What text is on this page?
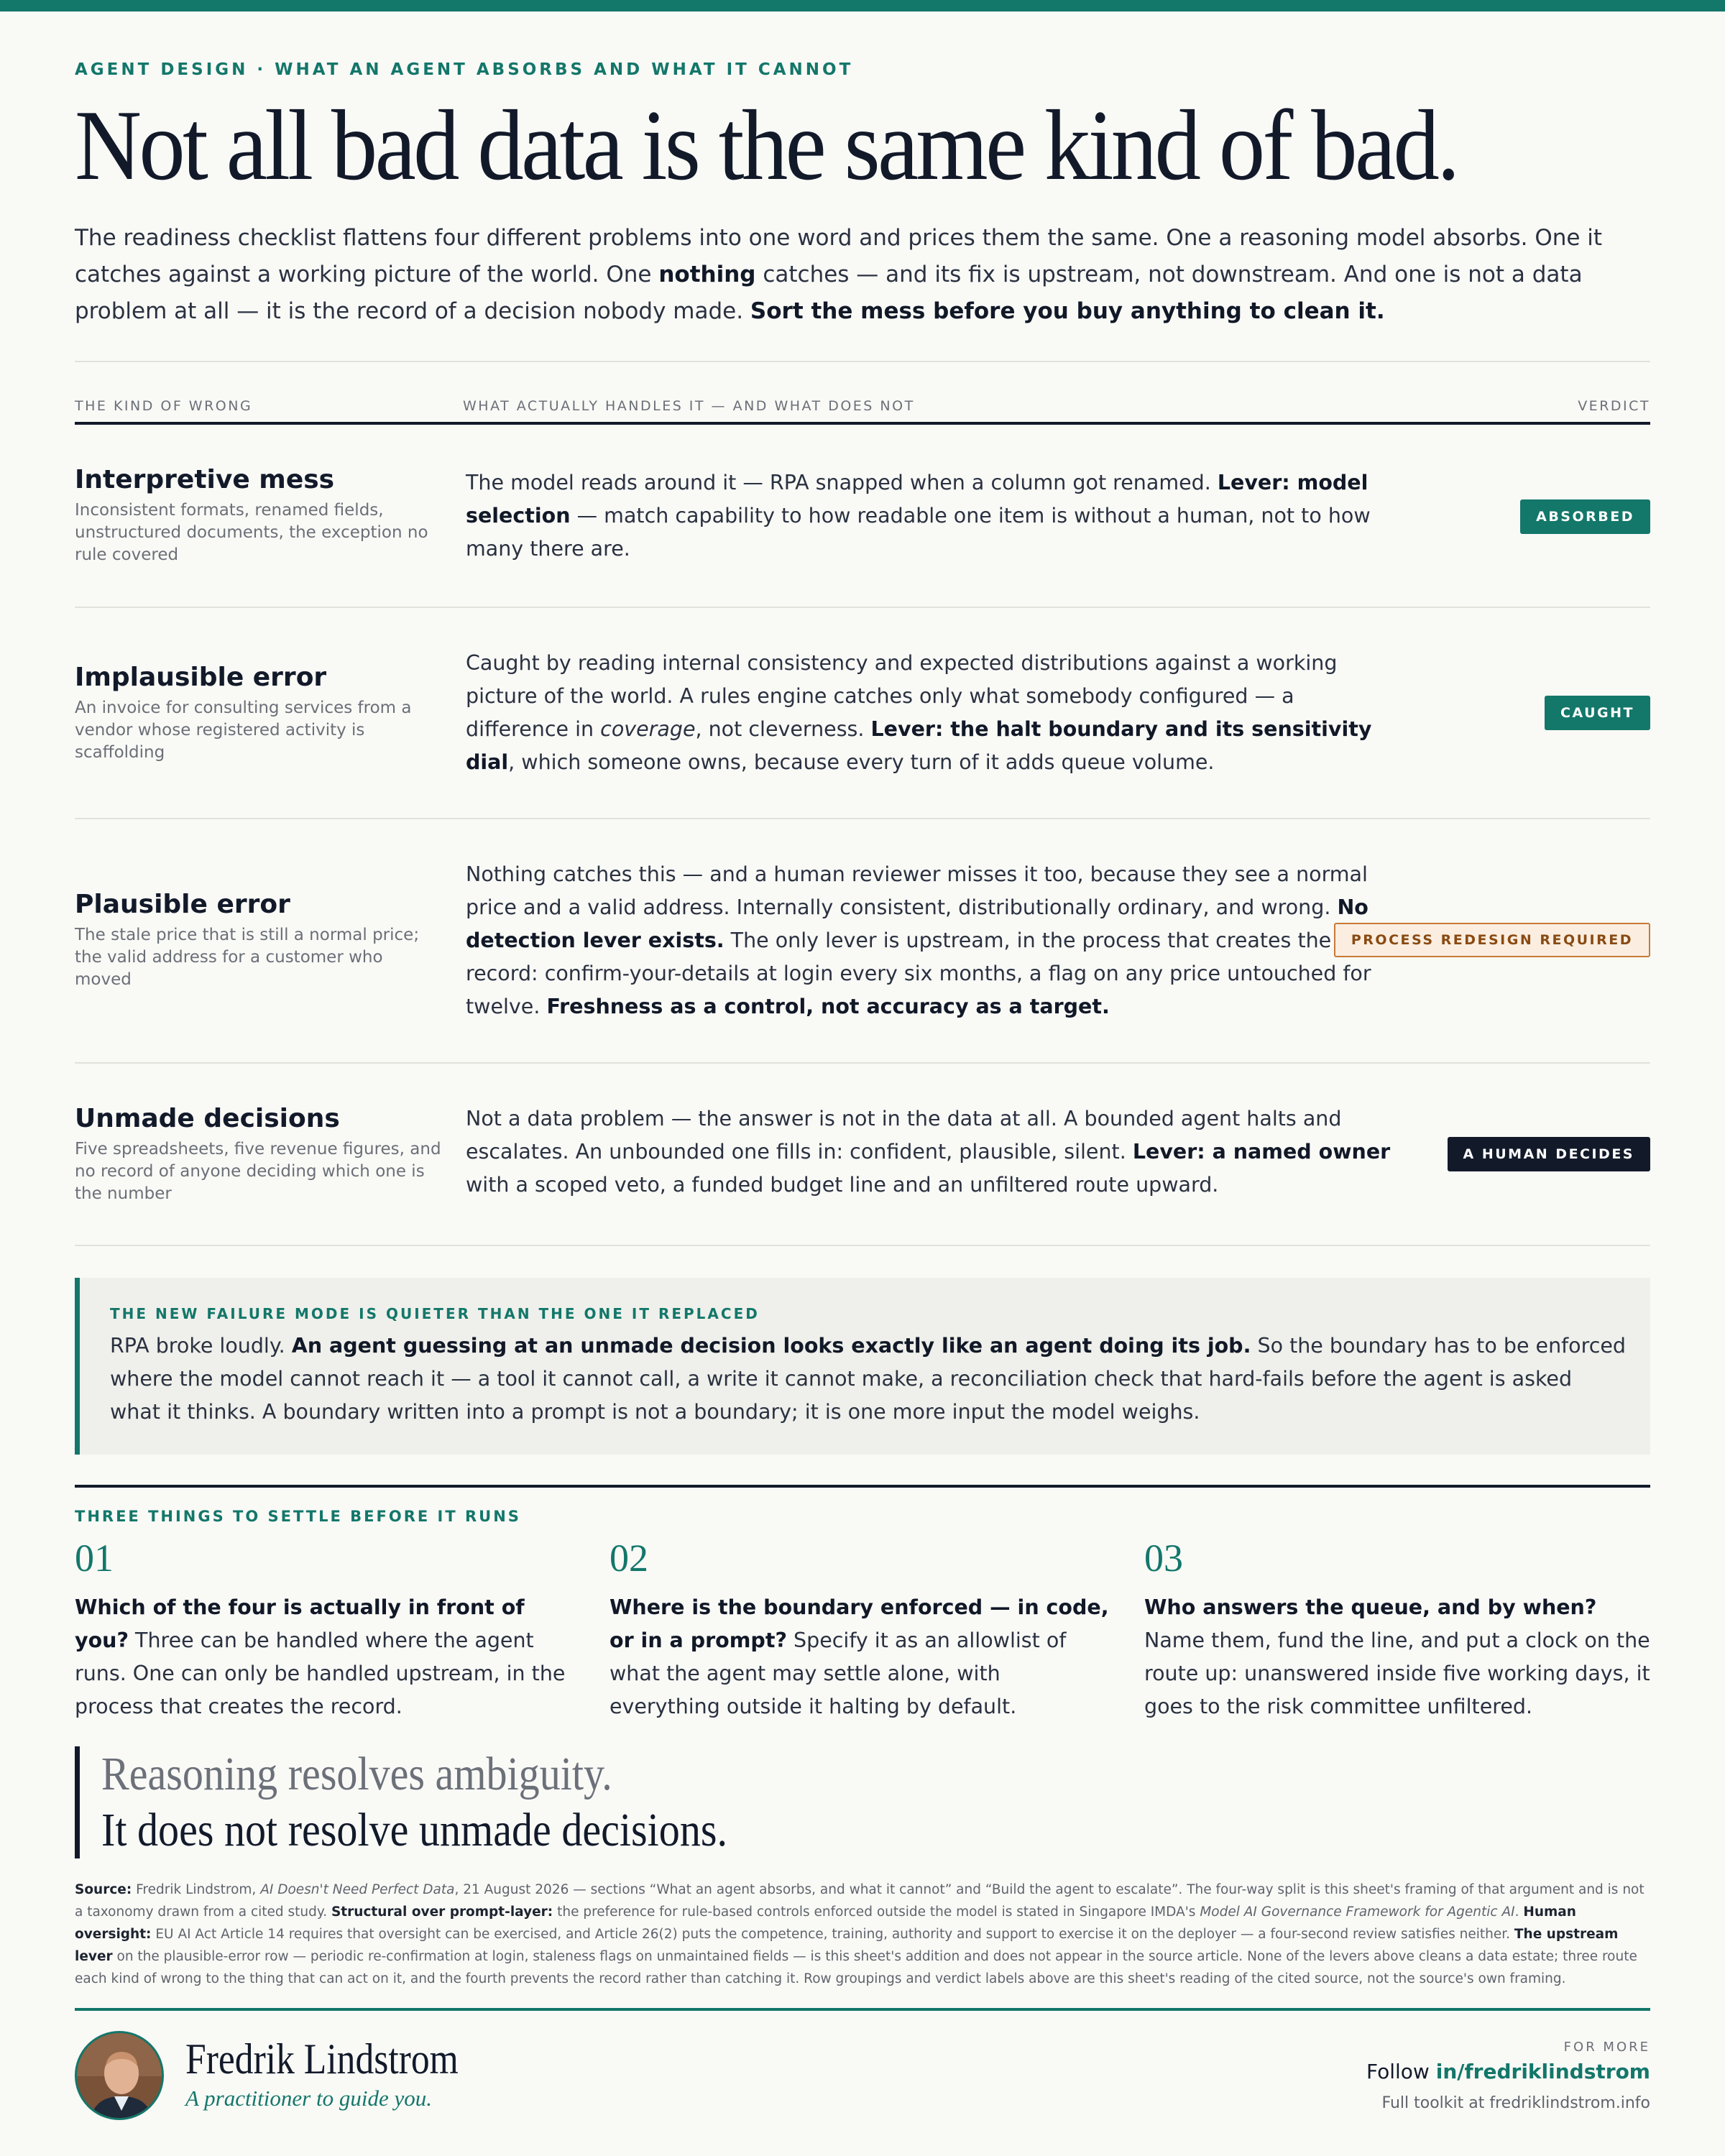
AGENT DESIGN · WHAT AN AGENT ABSORBS AND WHAT IT CANNOT
Not all bad data is the same kind of bad.

The readiness checklist flattens four different problems into one word and prices them the same. One a reasoning model absorbs. One it catches against a working picture of the world. One nothing catches — and its fix is upstream, not downstream. And one is not a data problem at all — it is the record of a decision nobody made. Sort the mess before you buy anything to clean it.

THE KIND OF WRONG	WHAT ACTUALLY HANDLES IT — AND WHAT DOES NOT	VERDICT
Interpretive mess
Inconsistent formats, renamed fields, unstructured documents, the exception no rule covered
The model reads around it — RPA snapped when a column got renamed. Lever: model selection — match capability to how readable one item is without a human, not to how many there are.
ABSORBED
Implausible error
An invoice for consulting services from a vendor whose registered activity is scaffolding
Caught by reading internal consistency and expected distributions against a working picture of the world. A rules engine catches only what somebody configured — a difference in coverage, not cleverness. Lever: the halt boundary and its sensitivity dial, which someone owns, because every turn of it adds queue volume.
CAUGHT
Plausible error
The stale price that is still a normal price; the valid address for a customer who moved
Nothing catches this — and a human reviewer misses it too, because they see a normal price and a valid address. Internally consistent, distributionally ordinary, and wrong. No detection lever exists. The only lever is upstream, in the process that creates the record: confirm-your-details at login every six months, a flag on any price untouched for twelve. Freshness as a control, not accuracy as a target.
PROCESS REDESIGN REQUIRED
Unmade decisions
Five spreadsheets, five revenue figures, and no record of anyone deciding which one is the number
Not a data problem — the answer is not in the data at all. A bounded agent halts and escalates. An unbounded one fills in: confident, plausible, silent. Lever: a named owner with a scoped veto, a funded budget line and an unfiltered route upward.
A HUMAN DECIDES
THE NEW FAILURE MODE IS QUIETER THAN THE ONE IT REPLACED

RPA broke loudly. An agent guessing at an unmade decision looks exactly like an agent doing its job. So the boundary has to be enforced where the model cannot reach it — a tool it cannot call, a write it cannot make, a reconciliation check that hard-fails before the agent is asked what it thinks. A boundary written into a prompt is not a boundary; it is one more input the model weighs.

THREE THINGS TO SETTLE BEFORE IT RUNS
01

Which of the four is actually in front of you? Three can be handled where the agent runs. One can only be handled upstream, in the process that creates the record.

02

Where is the boundary enforced — in code, or in a prompt? Specify it as an allowlist of what the agent may settle alone, with everything outside it halting by default.

03

Who answers the queue, and by when? Name them, fund the line, and put a clock on the route up: unanswered inside five working days, it goes to the risk committee unfiltered.

Reasoning resolves ambiguity.
It does not resolve unmade decisions.

Source: Fredrik Lindstrom, AI Doesn't Need Perfect Data, 21 August 2026 — sections “What an agent absorbs, and what it cannot” and “Build the agent to escalate”. The four-way split is this sheet's framing of that argument and is not a taxonomy drawn from a cited study. Structural over prompt-layer: the preference for rule-based controls enforced outside the model is stated in Singapore IMDA's Model AI Governance Framework for Agentic AI. Human oversight: EU AI Act Article 14 requires that oversight can be exercised, and Article 26(2) puts the competence, training, authority and support to exercise it on the deployer — a four-second review satisfies neither. The upstream lever on the plausible-error row — periodic re-confirmation at login, staleness flags on unmaintained fields — is this sheet's addition and does not appear in the source article. None of the levers above cleans a data estate; three route each kind of wrong to the thing that can act on it, and the fourth prevents the record rather than catching it. Row groupings and verdict labels above are this sheet's reading of the cited source, not the source's own framing.

Fredrik Lindstrom
A practitioner to guide you.
FOR MORE
Follow in/fredriklindstrom
Full toolkit at fredriklindstrom.info
